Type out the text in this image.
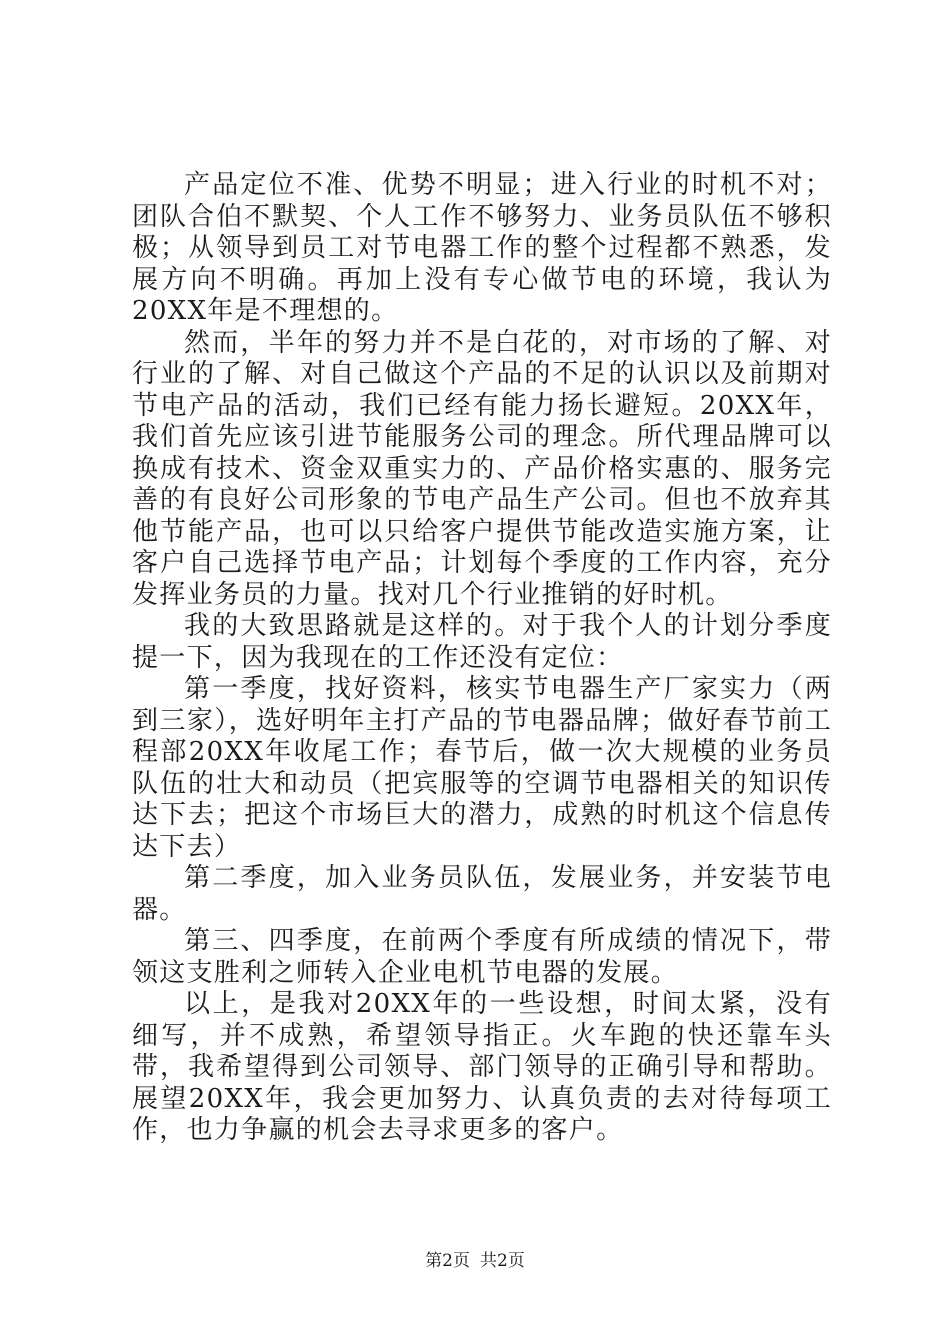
产品定位不准、优势不明显；进入行业的时机不对；团队合伯不默契、个人工作不够努力、业务员队伍不够积极；从领导到员工对节电器工作的整个过程都不熟悉，发展方向不明确。再加上没有专心做节电的环境，我认为20XX年是不理想的。

然而，半年的努力并不是白花的，对市场的了解、对行业的了解、对自己做这个产品的不足的认识以及前期对节电产品的活动，我们已经有能力扬长避短。20XX年，我们首先应该引进节能服务公司的理念。所代理品牌可以换成有技术、资金双重实力的、产品价格实惠的、服务完善的有良好公司形象的节电产品生产公司。但也不放弃其他节能产品，也可以只给客户提供节能改造实施方案，让客户自己选择节电产品；计划每个季度的工作内容，充分发挥业务员的力量。找对几个行业推销的好时机。

我的大致思路就是这样的。对于我个人的计划分季度提一下，因为我现在的工作还没有定位：

第一季度，找好资料，核实节电器生产厂家实力（两到三家），选好明年主打产品的节电器品牌；做好春节前工程部20XX年收尾工作；春节后，做一次大规模的业务员队伍的壮大和动员（把宾服等的空调节电器相关的知识传达下去；把这个市场巨大的潜力，成熟的时机这个信息传达下去）

第二季度，加入业务员队伍，发展业务，并安装节电器。

第三、四季度，在前两个季度有所成绩的情况下，带领这支胜利之师转入企业电机节电器的发展。

以上，是我对20XX年的一些设想，时间太紧，没有细写，并不成熟，希望领导指正。火车跑的快还靠车头带，我希望得到公司领导、部门领导的正确引导和帮助。展望20XX年，我会更加努力、认真负责的去对待每项工作，也力争赢的机会去寻求更多的客户。

第2页 共2页
